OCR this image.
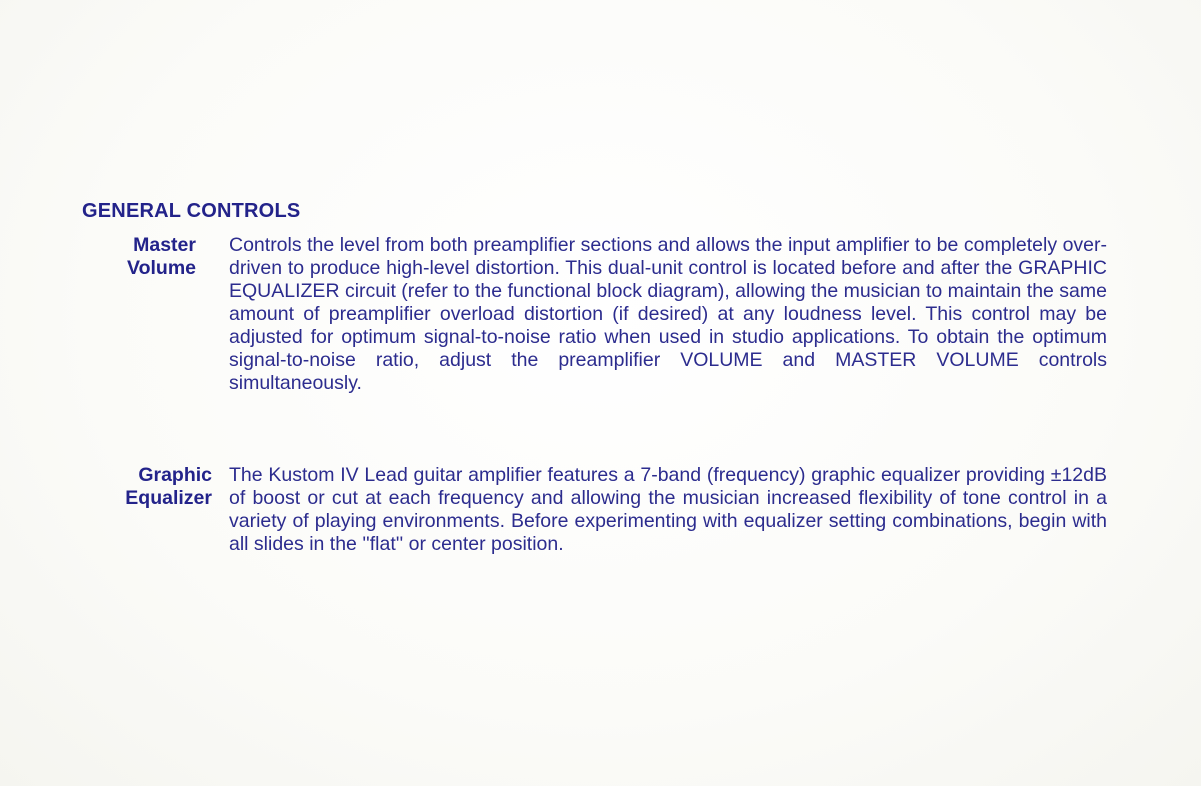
GENERAL CONTROLS
Master
Volume

Controls the level from both preamplifier sections and allows the input amplifier to be completely over-driven to produce high-level distortion. This dual-unit control is located before and after the GRAPHIC EQUALIZER circuit (refer to the functional block diagram), allowing the musician to maintain the same amount of preamplifier overload distortion (if desired) at any loudness level. This control may be adjusted for optimum signal-to-noise ratio when used in studio applications. To obtain the optimum signal-to-noise ratio, adjust the preamplifier VOLUME and MASTER VOLUME controls simultaneously.

Graphic
Equalizer

The Kustom IV Lead guitar amplifier features a 7-band (frequency) graphic equalizer providing ±12dB of boost or cut at each frequency and allowing the musician increased flexibility of tone control in a variety of playing environments. Before experimenting with equalizer setting combinations, begin with all slides in the ''flat'' or center position.
